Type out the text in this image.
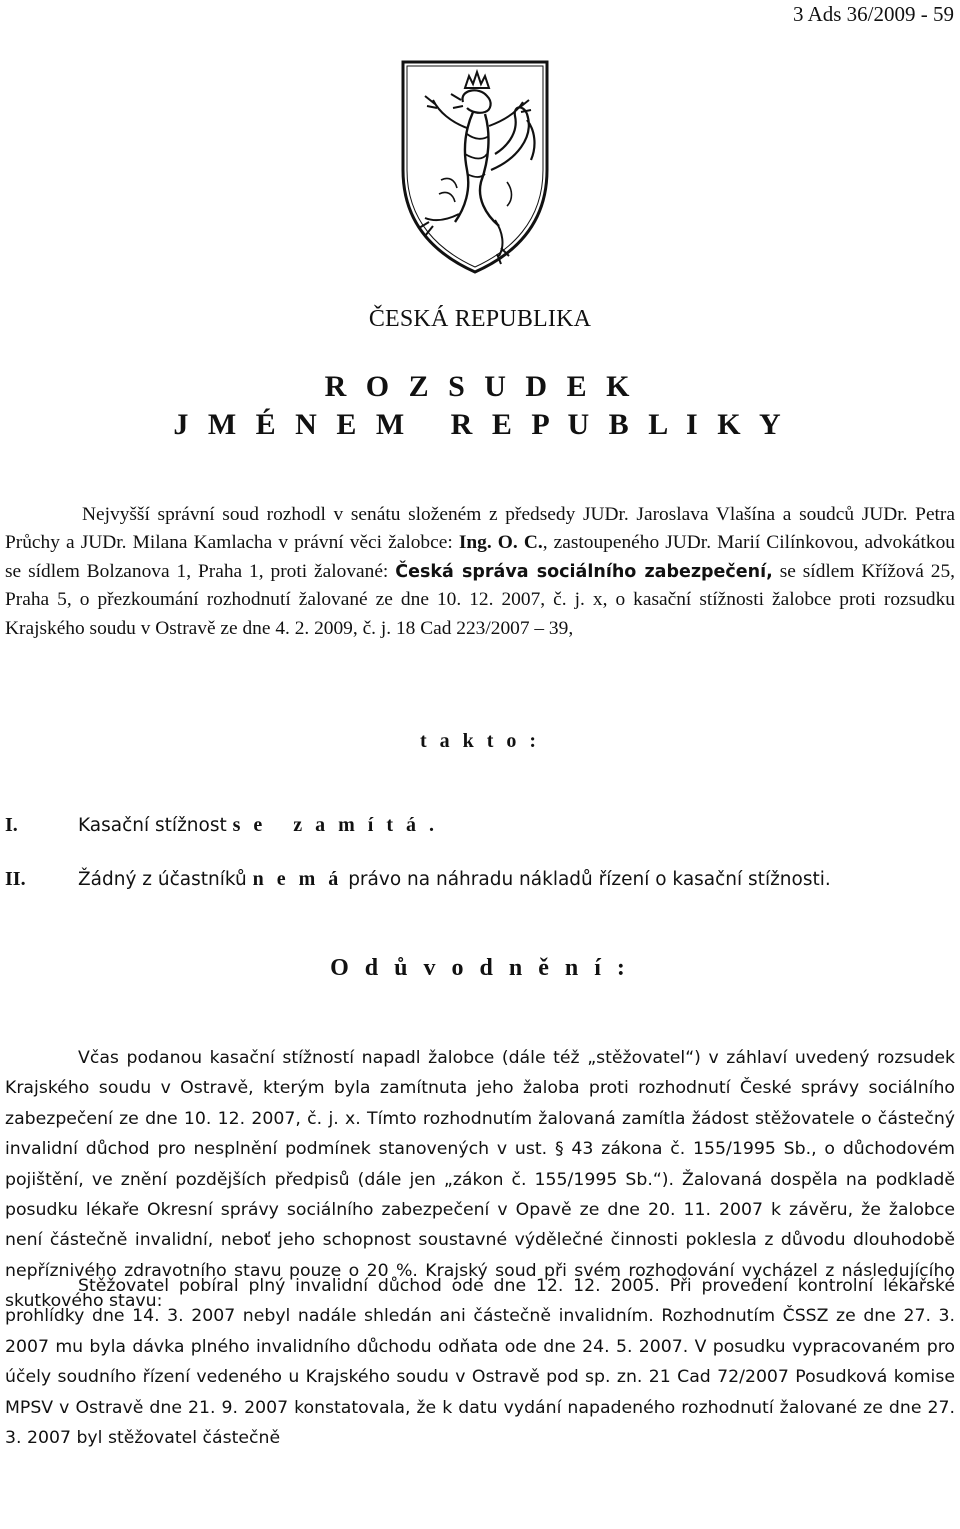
3 Ads 36/2009 - 59
ČESKÁ REPUBLIKA
R O Z S U D E K
J M É N E M   R E P U B L I K Y

Nejvyšší správní soud rozhodl v senátu složeném z předsedy JUDr. Jaroslava Vlašína a soudců JUDr. Petra Průchy a JUDr. Milana Kamlacha v právní věci žalobce: Ing. O. C., zastoupeného JUDr. Marií Cilínkovou, advokátkou se sídlem Bolzanova 1, Praha 1, proti žalované: Česká správa sociálního zabezpečení, se sídlem Křížová 25, Praha 5, o přezkoumání rozhodnutí žalované ze dne 10. 12. 2007, č. j. x, o kasační stížnosti žalobce proti rozsudku Krajského soudu v Ostravě ze dne 4. 2. 2009, č. j. 18 Cad 223/2007 – 39,

t a k t o :
I.	Kasační stížnost s e   z a m í t á .
II.	Žádný z účastníků n e m á právo na náhradu nákladů řízení o kasační stížnosti.
O d ů v o d n ě n í :

Včas podanou kasační stížností napadl žalobce (dále též „stěžovatel“) v záhlaví uvedený rozsudek Krajského soudu v Ostravě, kterým byla zamítnuta jeho žaloba proti rozhodnutí České správy sociálního zabezpečení ze dne 10. 12. 2007, č. j. x. Tímto rozhodnutím žalovaná zamítla žádost stěžovatele o částečný invalidní důchod pro nesplnění podmínek stanovených v ust. § 43 zákona č. 155/1995 Sb., o důchodovém pojištění, ve znění pozdějších předpisů (dále jen „zákon č. 155/1995 Sb.“). Žalovaná dospěla na podkladě posudku lékaře Okresní správy sociálního zabezpečení v Opavě ze dne 20. 11. 2007 k závěru, že žalobce není částečně invalidní, neboť jeho schopnost soustavné výdělečné činnosti poklesla z důvodu dlouhodobě nepříznivého zdravotního stavu pouze o 20 %. Krajský soud při svém rozhodování vycházel z následujícího skutkového stavu:

Stěžovatel pobíral plný invalidní důchod ode dne 12. 12. 2005. Při provedení kontrolní lékařské prohlídky dne 14. 3. 2007 nebyl nadále shledán ani částečně invalidním. Rozhodnutím ČSSZ ze dne 27. 3. 2007 mu byla dávka plného invalidního důchodu odňata ode dne 24. 5. 2007. V posudku vypracovaném pro účely soudního řízení vedeného u Krajského soudu v Ostravě pod sp. zn. 21 Cad 72/2007 Posudková komise MPSV v Ostravě dne 21. 9. 2007 konstatovala, že k datu vydání napadeného rozhodnutí žalované ze dne 27. 3. 2007 byl stěžovatel částečně
